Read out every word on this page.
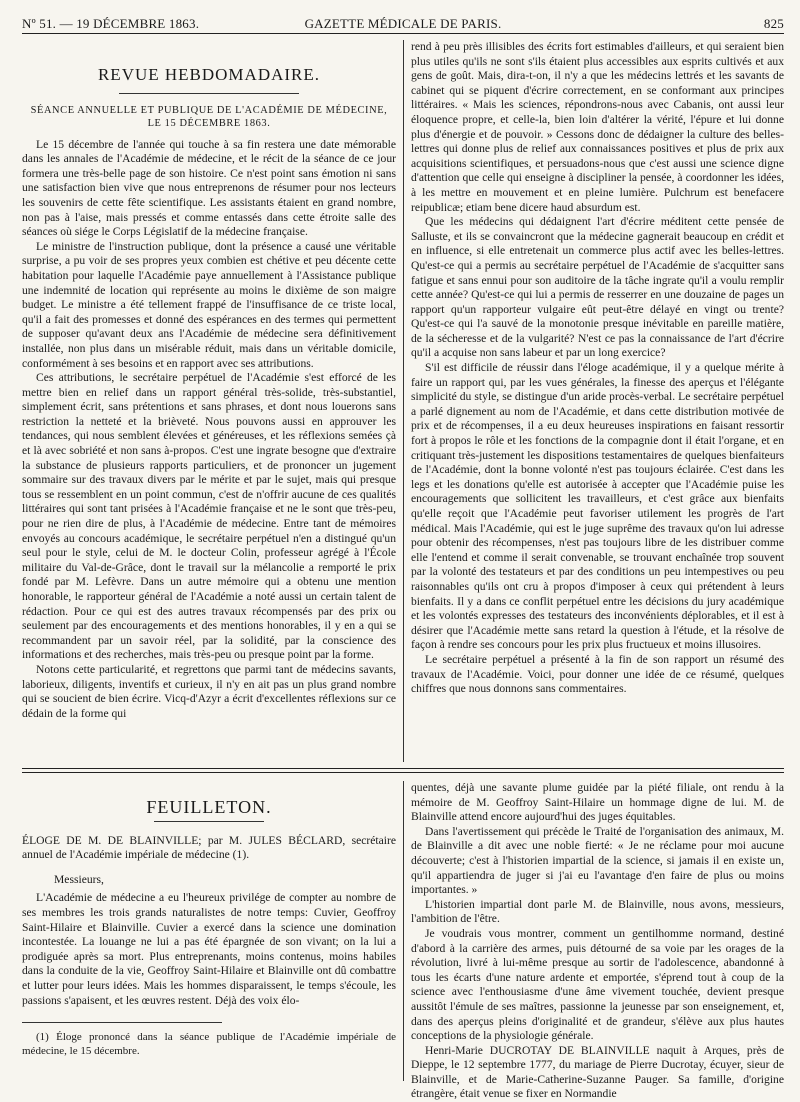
Nº 51. — 19 DÉCEMBRE 1863.	GAZETTE MÉDICALE DE PARIS.	825
REVUE HEBDOMADAIRE.
SÉANCE ANNUELLE ET PUBLIQUE DE L'ACADÉMIE DE MÉDECINE,
LE 15 DÉCEMBRE 1863.

Le 15 décembre de l'année qui touche à sa fin restera une date mémorable dans les annales de l'Académie de médecine, et le récit de la séance de ce jour formera une très-belle page de son histoire. Ce n'est point sans émotion ni sans une satisfaction bien vive que nous entreprenons de résumer pour nos lecteurs les souvenirs de cette fête scientifique. Les assistants étaient en grand nombre, non pas à l'aise, mais pressés et comme entassés dans cette étroite salle des séances où siége le Corps Législatif de la médecine française.

Le ministre de l'instruction publique, dont la présence a causé une véritable surprise, a pu voir de ses propres yeux combien est chétive et peu décente cette habitation pour laquelle l'Académie paye annuellement à l'Assistance publique une indemnité de location qui représente au moins le dixième de son maigre budget. Le ministre a été tellement frappé de l'insuffisance de ce triste local, qu'il a fait des promesses et donné des espérances en des termes qui permettent de supposer qu'avant deux ans l'Académie de médecine sera définitivement installée, non plus dans un misérable réduit, mais dans un véritable domicile, conformément à ses besoins et en rapport avec ses attributions.

Ces attributions, le secrétaire perpétuel de l'Académie s'est efforcé de les mettre bien en relief dans un rapport général très-solide, très-substantiel, simplement écrit, sans prétentions et sans phrases, et dont nous louerons sans restriction la netteté et la brièveté. Nous pouvons aussi en approuver les tendances, qui nous semblent élevées et généreuses, et les réflexions semées çà et là avec sobriété et non sans à-propos. C'est une ingrate besogne que d'extraire la substance de plusieurs rapports particuliers, et de prononcer un jugement sommaire sur des travaux divers par le mérite et par le sujet, mais qui presque tous se ressemblent en un point commun, c'est de n'offrir aucune de ces qualités littéraires qui sont tant prisées à l'Académie française et ne le sont que très-peu, pour ne rien dire de plus, à l'Académie de médecine. Entre tant de mémoires envoyés au concours académique, le secrétaire perpétuel n'en a distingué qu'un seul pour le style, celui de M. le docteur Colin, professeur agrégé à l'École militaire du Val-de-Grâce, dont le travail sur la mélancolie a remporté le prix fondé par M. Lefèvre. Dans un autre mémoire qui a obtenu une mention honorable, le rapporteur général de l'Académie a noté aussi un certain talent de rédaction. Pour ce qui est des autres travaux récompensés par des prix ou seulement par des encouragements et des mentions honorables, il y en a qui se recommandent par un savoir réel, par la solidité, par la conscience des informations et des recherches, mais très-peu ou presque point par la forme.

Notons cette particularité, et regrettons que parmi tant de médecins savants, laborieux, diligents, inventifs et curieux, il n'y en ait pas un plus grand nombre qui se soucient de bien écrire. Vicq-d'Azyr a écrit d'excellentes réflexions sur ce dédain de la forme qui

rend à peu près illisibles des écrits fort estimables d'ailleurs, et qui seraient bien plus utiles qu'ils ne sont s'ils étaient plus accessibles aux esprits cultivés et aux gens de goût. Mais, dira-t-on, il n'y a que les médecins lettrés et les savants de cabinet qui se piquent d'écrire correctement, en se conformant aux principes littéraires. « Mais les sciences, répondrons-nous avec Cabanis, ont aussi leur éloquence propre, et celle-la, bien loin d'altérer la vérité, l'épure et lui donne plus d'énergie et de pouvoir. » Cessons donc de dédaigner la culture des belles-lettres qui donne plus de relief aux connaissances positives et plus de prix aux acquisitions scientifiques, et persuadons-nous que c'est aussi une science digne d'attention que celle qui enseigne à discipliner la pensée, à coordonner les idées, à les mettre en mouvement et en pleine lumière. Pulchrum est benefacere reipublicæ; etiam bene dicere haud absurdum est.

Que les médecins qui dédaignent l'art d'écrire méditent cette pensée de Salluste, et ils se convaincront que la médecine gagnerait beaucoup en crédit et en influence, si elle entretenait un commerce plus actif avec les belles-lettres. Qu'est-ce qui a permis au secrétaire perpétuel de l'Académie de s'acquitter sans fatigue et sans ennui pour son auditoire de la tâche ingrate qu'il a voulu remplir cette année? Qu'est-ce qui lui a permis de resserrer en une douzaine de pages un rapport qu'un rapporteur vulgaire eût peut-être délayé en vingt ou trente? Qu'est-ce qui l'a sauvé de la monotonie presque inévitable en pareille matière, de la sécheresse et de la vulgarité? N'est ce pas la connaissance de l'art d'écrire qu'il a acquise non sans labeur et par un long exercice?

S'il est difficile de réussir dans l'éloge académique, il y a quelque mérite à faire un rapport qui, par les vues générales, la finesse des aperçus et l'élégante simplicité du style, se distingue d'un aride procès-verbal. Le secrétaire perpétuel a parlé dignement au nom de l'Académie, et dans cette distribution motivée de prix et de récompenses, il a eu deux heureuses inspirations en faisant ressortir fort à propos le rôle et les fonctions de la compagnie dont il était l'organe, et en critiquant très-justement les dispositions testamentaires de quelques bienfaiteurs de l'Académie, dont la bonne volonté n'est pas toujours éclairée. C'est dans les legs et les donations qu'elle est autorisée à accepter que l'Académie puise les encouragements que sollicitent les travailleurs, et c'est grâce aux bienfaits qu'elle reçoit que l'Académie peut favoriser utilement les progrès de l'art médical. Mais l'Académie, qui est le juge suprême des travaux qu'on lui adresse pour obtenir des récompenses, n'est pas toujours libre de les distribuer comme elle l'entend et comme il serait convenable, se trouvant enchaînée trop souvent par la volonté des testateurs et par des conditions un peu intempestives ou peu raisonnables qu'ils ont cru à propos d'imposer à ceux qui prétendent à leurs bienfaits. Il y a dans ce conflit perpétuel entre les décisions du jury académique et les volontés expresses des testateurs des inconvénients déplorables, et il est à désirer que l'Académie mette sans retard la question à l'étude, et la résolve de façon à rendre ses concours pour les prix plus fructueux et moins illusoires.

Le secrétaire perpétuel a présenté à la fin de son rapport un résumé des travaux de l'Académie. Voici, pour donner une idée de ce résumé, quelques chiffres que nous donnons sans commentaires.

FEUILLETON.

ÉLOGE DE M. DE BLAINVILLE; par M. JULES BÉCLARD, secrétaire annuel de l'Académie impériale de médecine (1).

Messieurs,

L'Académie de médecine a eu l'heureux privilége de compter au nombre de ses membres les trois grands naturalistes de notre temps: Cuvier, Geoffroy Saint-Hilaire et Blainville. Cuvier a exercé dans la science une domination incontestée. La louange ne lui a pas été épargnée de son vivant; on la lui a prodiguée après sa mort. Plus entreprenants, moins contenus, moins habiles dans la conduite de la vie, Geoffroy Saint-Hilaire et Blainville ont dû combattre et lutter pour leurs idées. Mais les hommes disparaissent, le temps s'écoule, les passions s'apaisent, et les œuvres restent. Déjà des voix élo-

(1) Éloge prononcé dans la séance publique de l'Académie impériale de médecine, le 15 décembre.

quentes, déjà une savante plume guidée par la piété filiale, ont rendu à la mémoire de M. Geoffroy Saint-Hilaire un hommage digne de lui. M. de Blainville attend encore aujourd'hui des juges équitables.

Dans l'avertissement qui précède le Traité de l'organisation des animaux, M. de Blainville a dit avec une noble fierté: « Je ne réclame pour moi aucune découverte; c'est à l'historien impartial de la science, si jamais il en existe un, qu'il appartiendra de juger si j'ai eu l'avantage d'en faire de plus ou moins importantes. »

L'historien impartial dont parle M. de Blainville, nous avons, messieurs, l'ambition de l'être.

Je voudrais vous montrer, comment un gentilhomme normand, destiné d'abord à la carrière des armes, puis détourné de sa voie par les orages de la révolution, livré à lui-même presque au sortir de l'adolescence, abandonné à tous les écarts d'une nature ardente et emportée, s'éprend tout à coup de la science avec l'enthousiasme d'une âme vivement touchée, devient presque aussitôt l'émule de ses maîtres, passionne la jeunesse par son enseignement, et, dans des aperçus pleins d'originalité et de grandeur, s'élève aux plus hautes conceptions de la physiologie générale.

Henri-Marie DUCROTAY DE BLAINVILLE naquit à Arques, près de Dieppe, le 12 septembre 1777, du mariage de Pierre Ducrotay, écuyer, sieur de Blainville, et de Marie-Catherine-Suzanne Pauger. Sa famille, d'origine étrangère, était venue se fixer en Normandie
